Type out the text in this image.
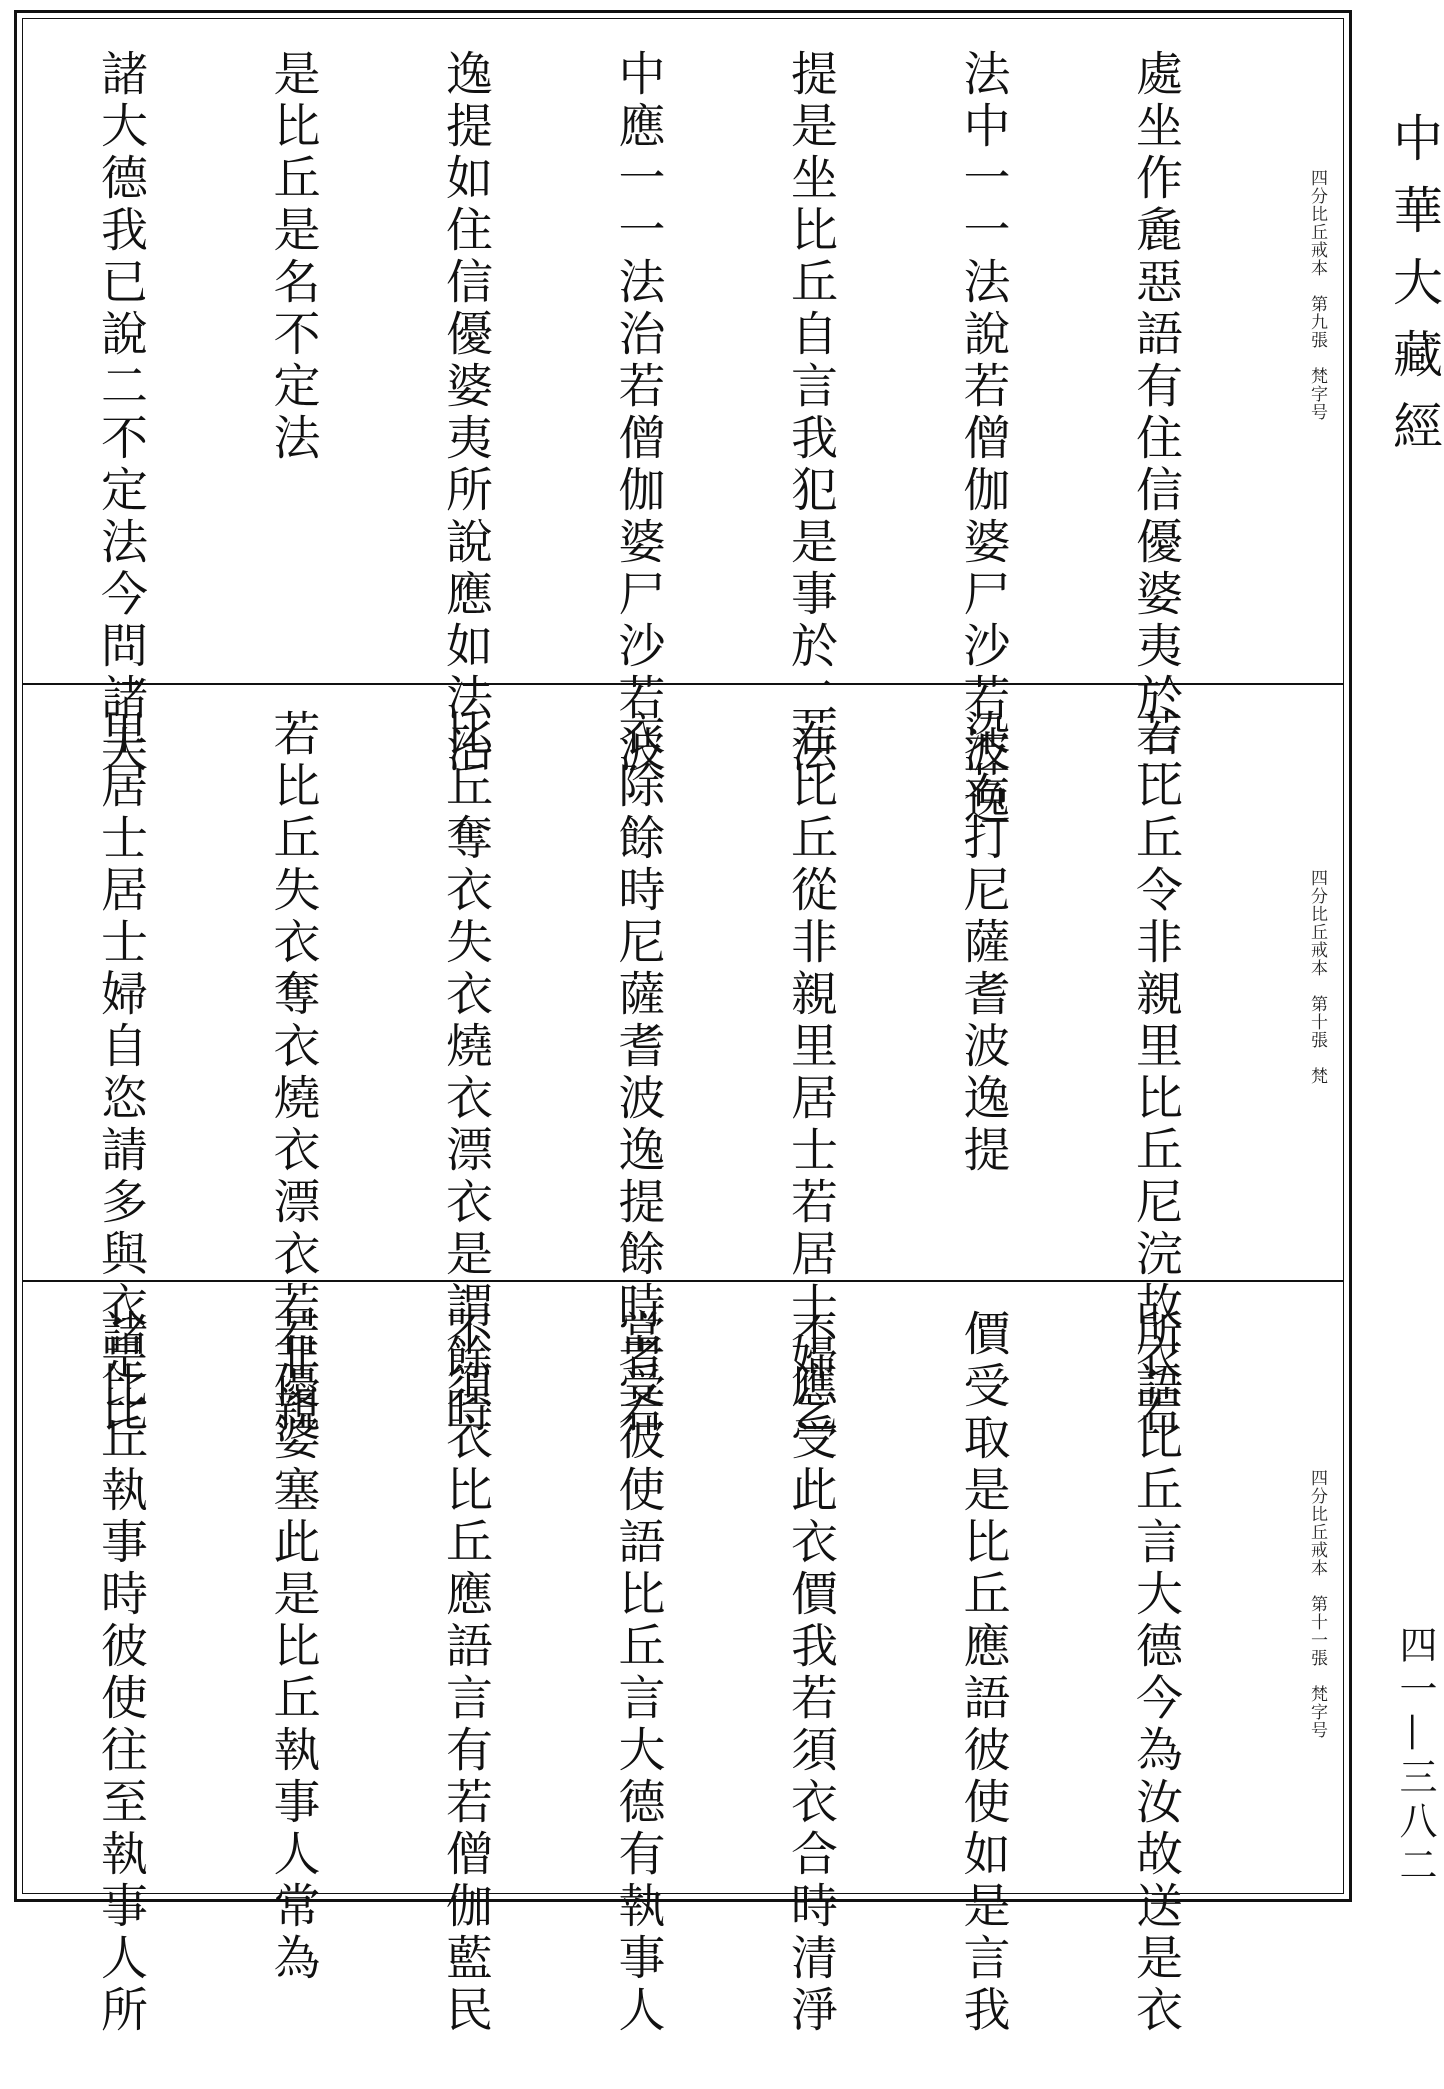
處坐作麁惡語有住信優婆夷於三

法中一一法說若僧伽婆尸沙若波逸

提是坐比丘自言我犯是事於二法

中應一一法治若僧伽婆尸沙若波

逸提如住信優婆夷所說應如法治

是比丘是名不定法

諸大德我已說二不定法今問諸大

	四分比丘戒本　第九張　梵字号

若比丘令非親里比丘尼浣故衣若

染若打尼薩耆波逸提

若比丘從非親里居士若居士婦乞

衣除餘時尼薩耆波逸提餘時者若

比丘奪衣失衣燒衣漂衣是謂餘時

若比丘失衣奪衣燒衣漂衣若非親

里居士居士婦自恣請多與衣是比

	四分比丘戒本　第十張　梵

所語比丘言大德今為汝故送是衣

價受取是比丘應語彼使如是言我

不應受此衣價我若須衣合時清淨

當受彼使語比丘言大德有執事人

不須衣比丘應語言有若僧伽藍民

若優婆塞此是比丘執事人常為

諸比丘執事時彼使往至執事人所

	四分比丘戒本　第十一張　梵字号
中華大藏經
四一—三八二
